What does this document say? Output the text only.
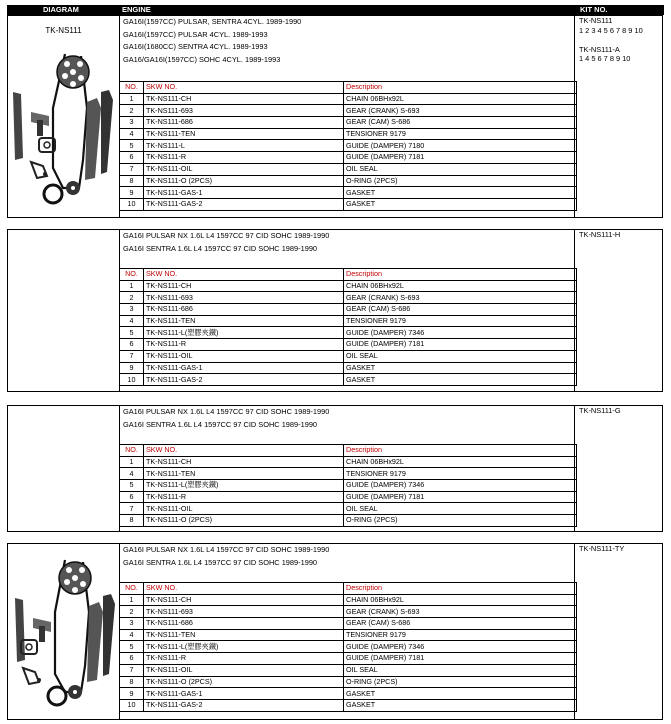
DIAGRAM	ENGINE	KIT NO.
TK-NS111
GA16I(1597CC) PULSAR, SENTRA 4CYL. 1989-1990
GA16I(1597CC) PULSAR 4CYL. 1989-1993
GA16I(1680CC) SENTRA 4CYL. 1989-1993
GA16/GA16I(1597CC) SOHC 4CYL. 1989-1993
TK-NS111
1 2 3 4 5 6 7 8 9 10
TK-NS111-A
1 4 5 6 7 8 9 10
NO.	SKW NO.	Description
1	TK-NS111-CH	CHAIN 06BHx92L
2	TK-NS111-693	GEAR (CRANK) S-693
3	TK-NS111-686	GEAR (CAM) S-686
4	TK-NS111-TEN	TENSIONER 9179
5	TK-NS111-L	GUIDE (DAMPER) 7180
6	TK-NS111-R	GUIDE (DAMPER) 7181
7	TK-NS111-OIL	OIL SEAL
8	TK-NS111-O (2PCS)	O-RING (2PCS)
9	TK-NS111-GAS-1	GASKET
10	TK-NS111-GAS-2	GASKET
GA16I PULSAR NX 1.6L L4 1597CC 97 CID SOHC 1989-1990
GA16I SENTRA 1.6L L4 1597CC 97 CID SOHC 1989-1990
TK-NS111-H
NO.	SKW NO.	Description
1	TK-NS111-CH	CHAIN 06BHx92L
2	TK-NS111-693	GEAR (CRANK) S-693
3	TK-NS111-686	GEAR (CAM) S-686
4	TK-NS111-TEN	TENSIONER 9179
5	TK-NS111-L(塑膠夾鐵)	GUIDE (DAMPER) 7346
6	TK-NS111-R	GUIDE (DAMPER) 7181
7	TK-NS111-OIL	OIL SEAL
9	TK-NS111-GAS-1	GASKET
10	TK-NS111-GAS-2	GASKET
GA16I PULSAR NX 1.6L L4 1597CC 97 CID SOHC 1989-1990
GA16I SENTRA 1.6L L4 1597CC 97 CID SOHC 1989-1990
TK-NS111-G
NO.	SKW NO.	Description
1	TK-NS111-CH	CHAIN 06BHx92L
4	TK-NS111-TEN	TENSIONER 9179
5	TK-NS111-L(塑膠夾鐵)	GUIDE (DAMPER) 7346
6	TK-NS111-R	GUIDE (DAMPER) 7181
7	TK-NS111-OIL	OIL SEAL
8	TK-NS111-O (2PCS)	O-RING (2PCS)
GA16I PULSAR NX 1.6L L4 1597CC 97 CID SOHC 1989-1990
GA16I SENTRA 1.6L L4 1597CC 97 CID SOHC 1989-1990
TK-NS111-TY
NO.	SKW NO.	Description
1	TK-NS111-CH	CHAIN 06BHx92L
2	TK-NS111-693	GEAR (CRANK) S-693
3	TK-NS111-686	GEAR (CAM) S-686
4	TK-NS111-TEN	TENSIONER 9179
5	TK-NS111-L(塑膠夾鐵)	GUIDE (DAMPER) 7346
6	TK-NS111-R	GUIDE (DAMPER) 7181
7	TK-NS111-OIL	OIL SEAL
8	TK-NS111-O (2PCS)	O-RING (2PCS)
9	TK-NS111-GAS-1	GASKET
10	TK-NS111-GAS-2	GASKET
